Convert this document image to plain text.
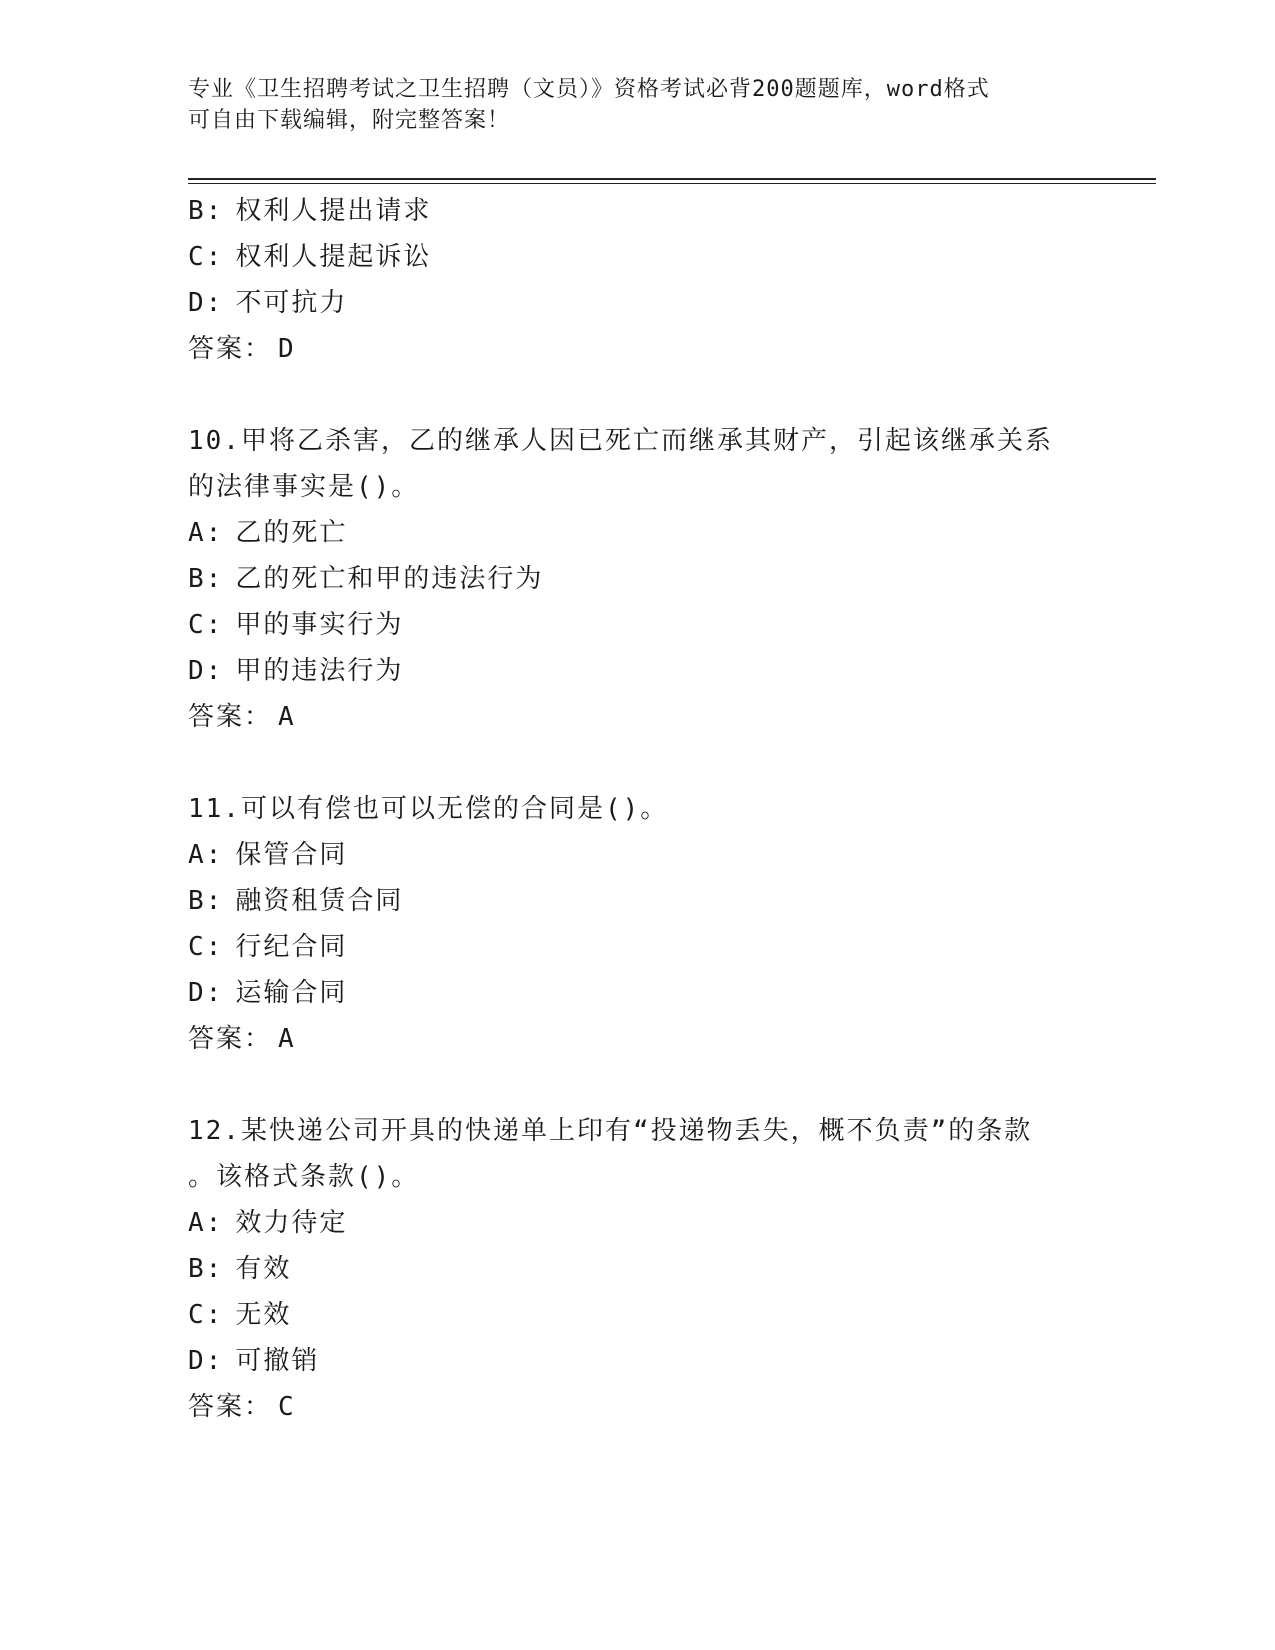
专业《卫生招聘考试之卫生招聘（文员）》资格考试必背200题题库，word格式
可自由下载编辑，附完整答案！
B: 权利人提出请求
C: 权利人提起诉讼
D: 不可抗力
答案： D
10.甲将乙杀害，乙的继承人因已死亡而继承其财产，引起该继承关系
的法律事实是()。
A: 乙的死亡
B: 乙的死亡和甲的违法行为
C: 甲的事实行为
D: 甲的违法行为
答案： A
11.可以有偿也可以无偿的合同是()。
A: 保管合同
B: 融资租赁合同
C: 行纪合同
D: 运输合同
答案： A
12.某快递公司开具的快递单上印有“投递物丢失，概不负责”的条款
。该格式条款()。
A: 效力待定
B: 有效
C: 无效
D: 可撤销
答案： C
